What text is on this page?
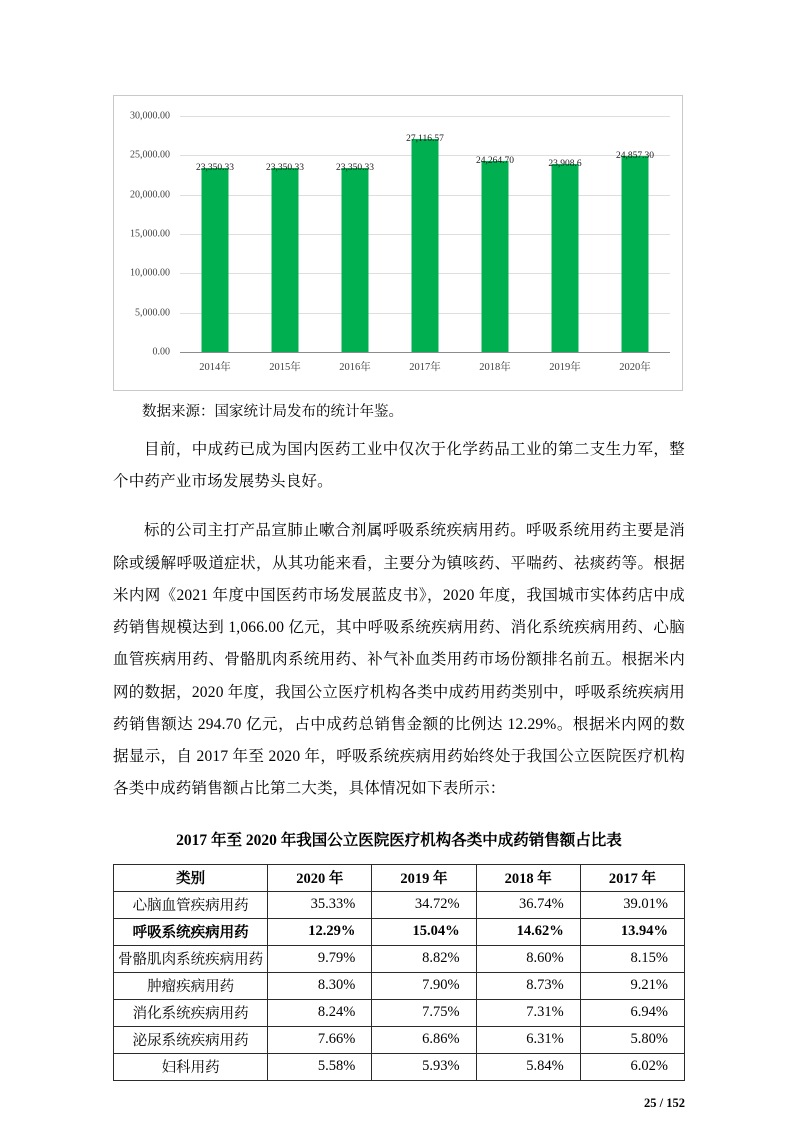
30,000.00
25,000.00
20,000.00
15,000.00
10,000.00
5,000.00
0.00
23,350.33
2014年
23,350.33
2015年
23,350.33
2016年
27,116.57
2017年
24,264.70
2018年
23,908.6
2019年
24,857.30
2020年
数据来源：国家统计局发布的统计年鉴。

目前，中成药已成为国内医药工业中仅次于化学药品工业的第二支生力军，整个中药产业市场发展势头良好。

标的公司主打产品宣肺止嗽合剂属呼吸系统疾病用药。呼吸系统用药主要是消除或缓解呼吸道症状，从其功能来看，主要分为镇咳药、平喘药、祛痰药等。根据米内网《2021 年度中国医药市场发展蓝皮书》，2020 年度，我国城市实体药店中成药销售规模达到 1,066.00 亿元，其中呼吸系统疾病用药、消化系统疾病用药、心脑血管疾病用药、骨骼肌肉系统用药、补气补血类用药市场份额排名前五。根据米内网的数据，2020 年度，我国公立医疗机构各类中成药用药类别中，呼吸系统疾病用药销售额达 294.70 亿元，占中成药总销售金额的比例达 12.29%。根据米内网的数据显示，自 2017 年至 2020 年，呼吸系统疾病用药始终处于我国公立医院医疗机构各类中成药销售额占比第二大类，具体情况如下表所示：

2017 年至 2020 年我国公立医院医疗机构各类中成药销售额占比表
类别	2020 年	2019 年	2018 年	2017 年
心脑血管疾病用药	35.33%	34.72%	36.74%	39.01%
呼吸系统疾病用药	12.29%	15.04%	14.62%	13.94%
骨骼肌肉系统疾病用药	9.79%	8.82%	8.60%	8.15%
肿瘤疾病用药	8.30%	7.90%	8.73%	9.21%
消化系统疾病用药	8.24%	7.75%	7.31%	6.94%
泌尿系统疾病用药	7.66%	6.86%	6.31%	5.80%
妇科用药	5.58%	5.93%	5.84%	6.02%
25 / 152
